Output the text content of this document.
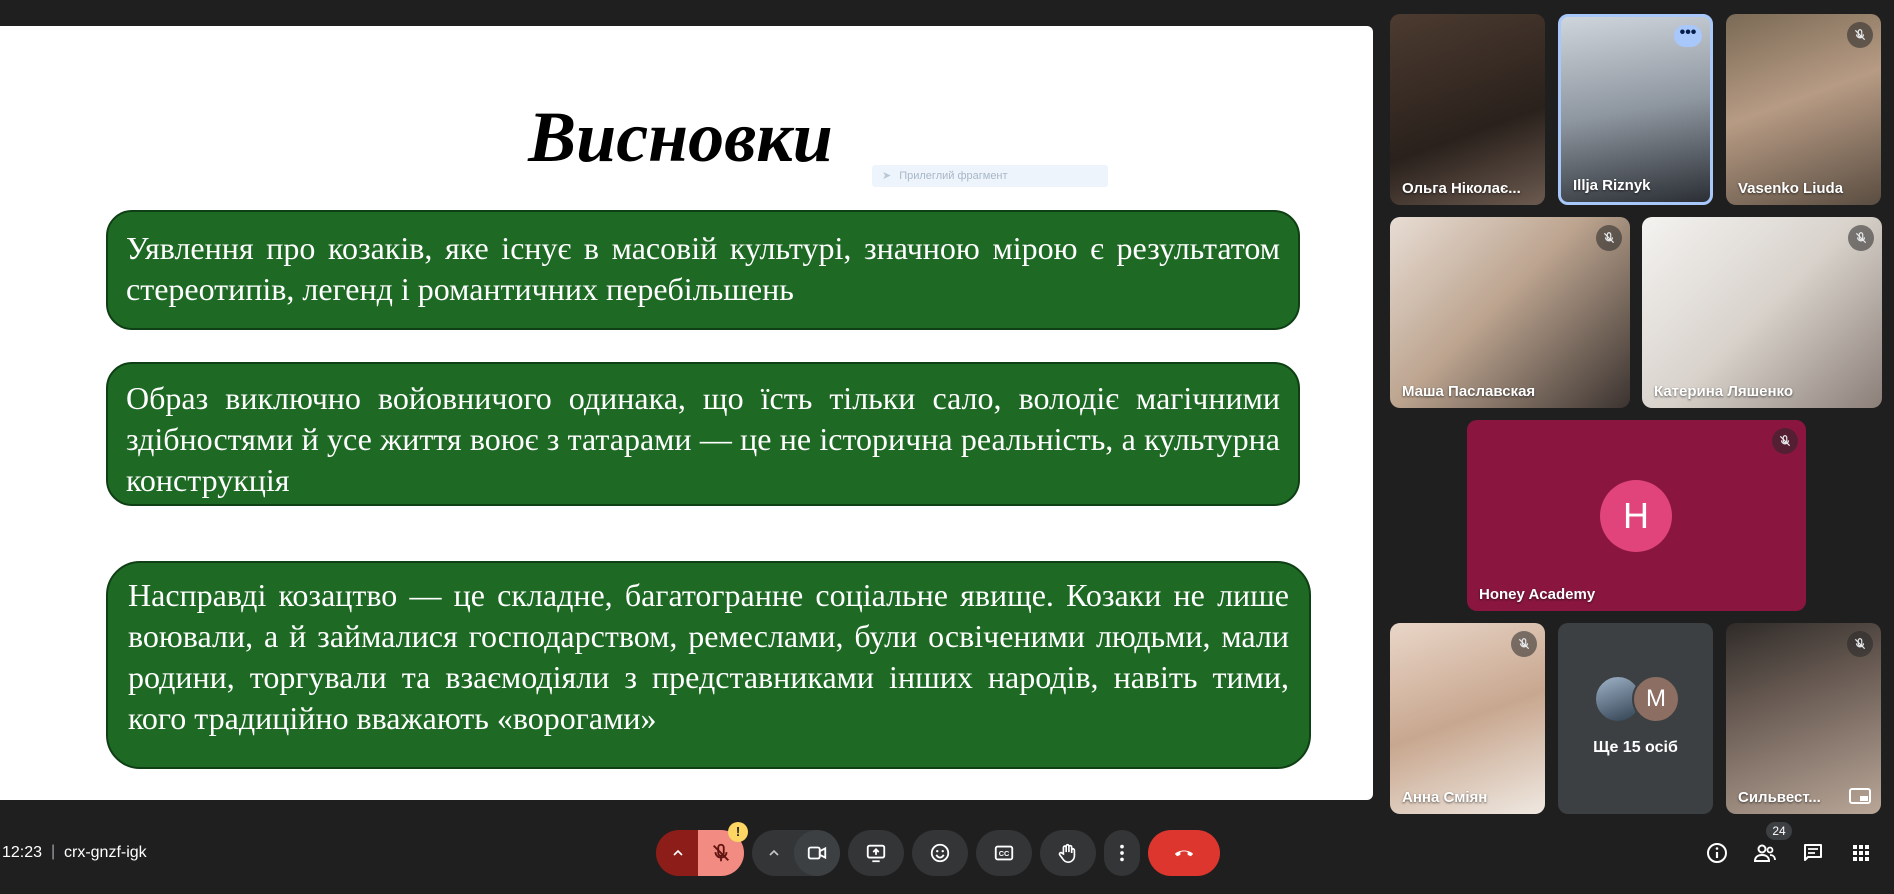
Висновки	➤ Прилеглий фрагмент
Уявлення про козаків, яке існує в масовій культурі, значною мірою є результатом стереотипів, легенд і романтичних перебільшень
Образ виключно войовничого одинака, що їсть тільки сало, володіє магічними здібностями й усе життя воює з татарами — це не історична реальність, а культурна конструкція
Насправді козацтво — це складне, багатогранне соціальне явище. Козаки не лише воювали, а й займалися господарством, ремеслами, були освіченими людьми, мали родини, торгували та взаємодіяли з представниками інших народів, навіть тими, кого традиційно вважають «ворогами»
Ольга Ніколає...
•••
Illja Riznyk	Vasenko Liuda
Маша Паславская	Катерина Ляшенко
H
Honey Academy
Анна Сміян
M
Ще 15 осіб
Сильвест...
12:23 | crx-gnzf-igk
!
CC
24
